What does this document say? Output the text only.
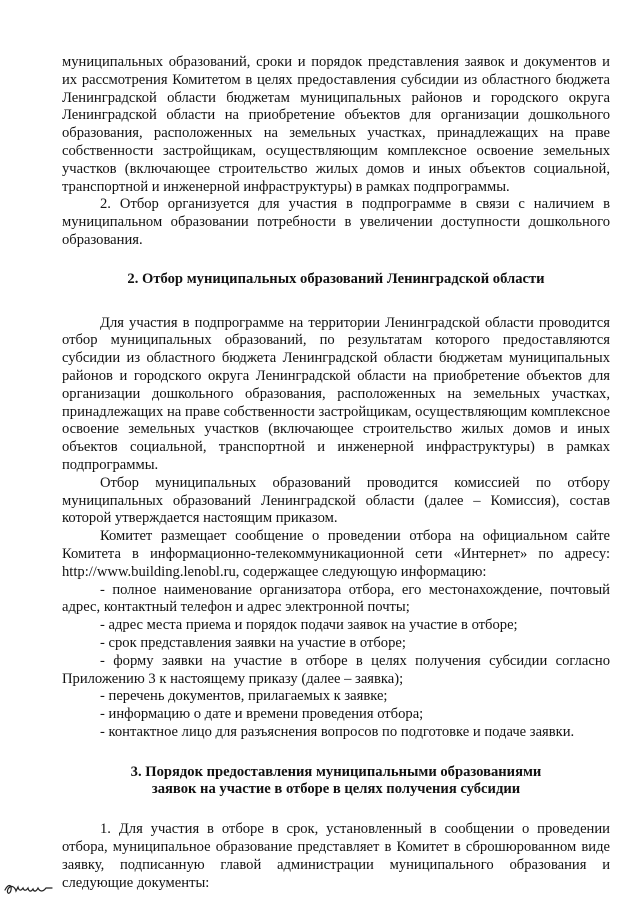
муниципальных образований, сроки и порядок представления заявок и документов и их рассмотрения Комитетом в целях предоставления субсидии из областного бюджета Ленинградской области бюджетам муниципальных районов и городского округа Ленинградской области на приобретение объектов для организации дошкольного образования, расположенных на земельных участках, принадлежащих на праве собственности застройщикам, осуществляющим комплексное освоение земельных участков (включающее строительство жилых домов и иных объектов социальной, транспортной и инженерной инфраструктуры) в рамках подпрограммы.

2. Отбор организуется для участия в подпрограмме в связи с наличием в муниципальном образовании потребности в увеличении доступности дошкольного образования.

2. Отбор муниципальных образований Ленинградской области

Для участия в подпрограмме на территории Ленинградской области проводится отбор муниципальных образований, по результатам которого предоставляются субсидии из областного бюджета Ленинградской области бюджетам муниципальных районов и городского округа Ленинградской области на приобретение объектов для организации дошкольного образования, расположенных на земельных участках, принадлежащих на праве собственности застройщикам, осуществляющим комплексное освоение земельных участков (включающее строительство жилых домов и иных объектов социальной, транспортной и инженерной инфраструктуры) в рамках подпрограммы.

Отбор муниципальных образований проводится комиссией по отбору муниципальных образований Ленинградской области (далее – Комиссия), состав которой утверждается настоящим приказом.

Комитет размещает сообщение о проведении отбора на официальном сайте Комитета в информационно-телекоммуникационной сети «Интернет» по адресу: http://www.building.lenobl.ru, содержащее следующую информацию:

- полное наименование организатора отбора, его местонахождение, почтовый адрес, контактный телефон и адрес электронной почты;

- адрес места приема и порядок подачи заявок на участие в отборе;

- срок представления заявки на участие в отборе;

- форму заявки на участие в отборе в целях получения субсидии согласно Приложению 3 к настоящему приказу (далее – заявка);

- перечень документов, прилагаемых к заявке;

- информацию о дате и времени проведения отбора;

- контактное лицо для разъяснения вопросов по подготовке и подаче заявки.

3. Порядок предоставления муниципальными образованиями

заявок на участие в отборе в целях получения субсидии

1. Для участия в отборе в срок, установленный в сообщении о проведении отбора, муниципальное образование представляет в Комитет в сброшюрованном виде заявку, подписанную главой администрации муниципального образования и следующие документы:
